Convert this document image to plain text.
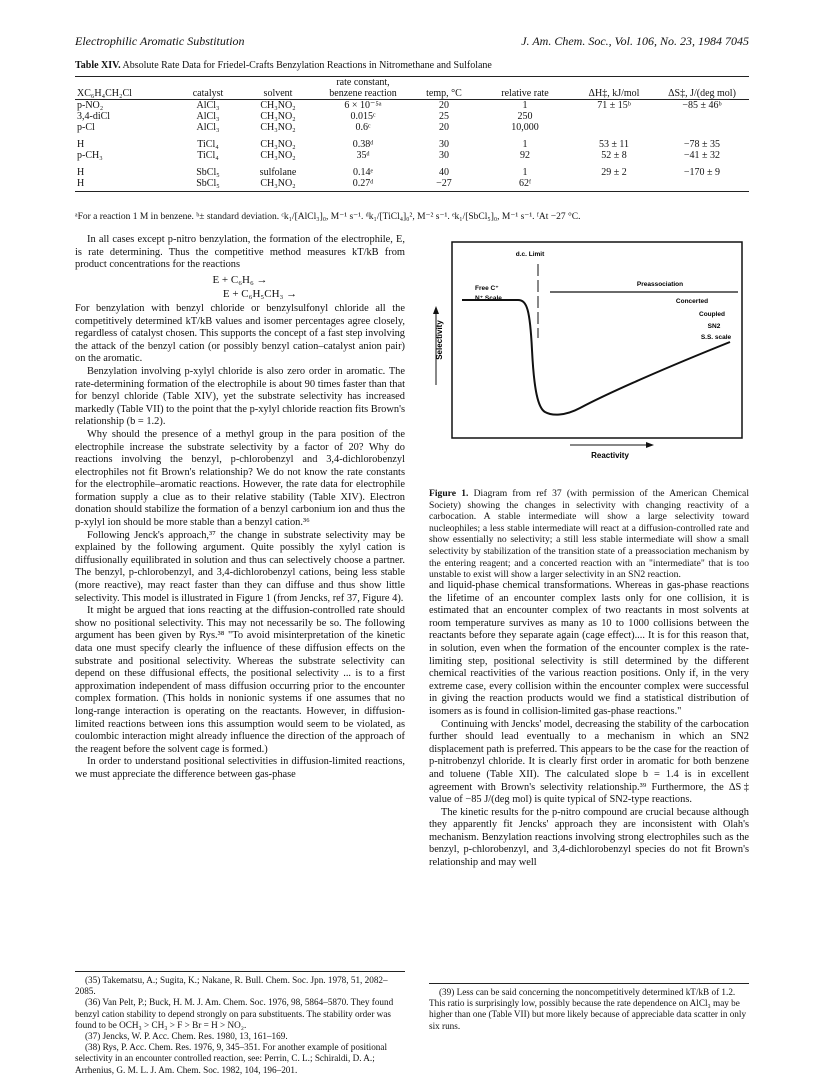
Electrophilic Aromatic Substitution	J. Am. Chem. Soc., Vol. 106, No. 23, 1984 7045
Table XIV. Absolute Rate Data for Friedel-Crafts Benzylation Reactions in Nitromethane and Sulfolane
XC₆H₄CH₂Cl	catalyst	solvent	rate constant,
benzene reaction	temp, °C	relative rate	ΔH‡, kJ/mol	ΔS‡, J/(deg mol)
p-NO₂	AlCl₃	CH₃NO₂	6 × 10⁻⁵ᵃ	20	1	71 ± 15ᵇ	−85 ± 46ᵇ
3,4-diCl	AlCl₃	CH₃NO₂	0.015ᶜ	25	250		
p-Cl	AlCl₃	CH₃NO₂	0.6ᶜ	20	10,000		
H	TiCl₄	CH₃NO₂	0.38ᵈ	30	1	53 ± 11	−78 ± 35
p-CH₃	TiCl₄	CH₃NO₂	35ᵈ	30	92	52 ± 8	−41 ± 32
H	SbCl₅	sulfolane	0.14ᵉ	40	1	29 ± 2	−170 ± 9
H	SbCl₅	CH₃NO₂	0.27ᵈ	−27	62ᶠ		
ᵃFor a reaction 1 M in benzene. ᵇ± standard deviation. ᶜk₁/[AlCl₃]₀, M⁻¹ s⁻¹. ᵈk₁/[TiCl₄]₀², M⁻² s⁻¹. ᵉk₁/[SbCl₅]₀, M⁻¹ s⁻¹. ᶠAt −27 °C.

In all cases except p-nitro benzylation, the formation of the electrophile, E, is rate determining. Thus the competitive method measures kT/kB from product concentrations for the reactions

E + C₆H₆ →
E + C₆H₅CH₃ →

For benzylation with benzyl chloride or benzylsulfonyl chloride all the competitively determined kT/kB values and isomer percentages agree closely, regardless of catalyst chosen. This supports the concept of a fast step involving the attack of the benzyl cation (or possibly benzyl cation–catalyst anion pair) on the aromatic.

Benzylation involving p-xylyl chloride is also zero order in aromatic. The rate-determining formation of the electrophile is about 90 times faster than that for benzyl chloride (Table XIV), yet the substrate selectivity has increased markedly (Table VII) to the point that the p-xylyl chloride reaction fits Brown's relationship (b = 1.2).

Why should the presence of a methyl group in the para position of the electrophile increase the substrate selectivity by a factor of 20? Why do reactions involving the benzyl, p-chlorobenzyl and 3,4-dichlorobenzyl electrophiles not fit Brown's relationship? We do not know the rate constants for the electrophile–aromatic reactions. However, the rate data for electrophile formation supply a clue as to their relative stability (Table XIV). Electron donation should stabilize the formation of a benzyl carbonium ion and thus the p-xylyl ion should be more stable than a benzyl cation.³⁶

Following Jenck's approach,³⁷ the change in substrate selectivity may be explained by the following argument. Quite possibly the xylyl cation is diffusionally equilibrated in solution and thus can selectively choose a partner. The benzyl, p-chlorobenzyl, and 3,4-dichlorobenzyl cations, being less stable (more reactive), may react faster than they can diffuse and thus show little selectivity. This model is illustrated in Figure 1 (from Jencks, ref 37, Figure 4).

It might be argued that ions reacting at the diffusion-controlled rate should show no positional selectivity. This may not necessarily be so. The following argument has been given by Rys.³⁸ "To avoid misinterpretation of the kinetic data one must specify clearly the influence of these diffusion effects on the substrate and positional selectivity. Whereas the substrate selectivity can depend on these diffusional effects, the positional selectivity ... is to a first approximation independent of mass diffusion occurring prior to the encounter complex formation. (This holds in nonionic systems if one assumes that no long-range interaction is operating on the reactants. However, in diffusion-limited reactions between ions this assumption would seem to be violated, as coulombic interaction might already influence the direction of the approach of the reagent before the solvent cage is formed.)

In order to understand positional selectivities in diffusion-limited reactions, we must appreciate the difference between gas-phase

(35) Takematsu, A.; Sugita, K.; Nakane, R. Bull. Chem. Soc. Jpn. 1978, 51, 2082–2085.

(36) Van Pelt, P.; Buck, H. M. J. Am. Chem. Soc. 1976, 98, 5864–5870. They found benzyl cation stability to depend strongly on para substituents. The stability order was found to be OCH₃ > CH₃ > F > Br = H > NO₂.

(37) Jencks, W. P. Acc. Chem. Res. 1980, 13, 161–169.

(38) Rys, P. Acc. Chem. Res. 1976, 9, 345–351. For another example of positional selectivity in an encounter controlled reaction, see: Perrin, C. L.; Schiraldi, D. A.; Arrhenius, G. M. L. J. Am. Chem. Soc. 1982, 104, 196–201.

d.c. Limit
Free C⁺
N⁺ Scale
Preassociation
Concerted
Coupled
SN2
S.S. scale
Selectivity
Reactivity
Figure 1. Diagram from ref 37 (with permission of the American Chemical Society) showing the changes in selectivity with changing reactivity of a carbocation. A stable intermediate will show a large selectivity toward nucleophiles; a less stable intermediate will react at a diffusion-controlled rate and show essentially no selectivity; a still less stable intermediate will show a small selectivity by stabilization of the transition state of a preassociation mechanism by the entering reagent; and a concerted reaction with an "intermediate" that is too unstable to exist will show a larger selectivity in an SN2 reaction.

and liquid-phase chemical transformations. Whereas in gas-phase reactions the lifetime of an encounter complex lasts only for one collision, it is estimated that an encounter complex of two reactants in most solvents at room temperature survives as many as 10 to 1000 collisions between the reactants before they separate again (cage effect).... It is for this reason that, in solution, even when the formation of the encounter complex is the rate-limiting step, positional selectivity is still determined by the different chemical reactivities of the various reaction positions. Only if, in the very extreme case, every collision within the encounter complex were successful in giving the reaction products would we find a statistical distribution of isomers as is found in collision-limited gas-phase reactions."

Continuing with Jencks' model, decreasing the stability of the carbocation further should lead eventually to a mechanism in which an SN2 displacement path is preferred. This appears to be the case for the reaction of p-nitrobenzyl chloride. It is clearly first order in aromatic for both benzene and toluene (Table XII). The calculated slope b = 1.4 is in excellent agreement with Brown's selectivity relationship.³⁹ Furthermore, the ΔS‡ value of −85 J/(deg mol) is quite typical of SN2-type reactions.

The kinetic results for the p-nitro compound are crucial because although they apparently fit Jencks' approach they are inconsistent with Olah's mechanism. Benzylation reactions involving strong electrophiles such as the benzyl, p-chlorobenzyl, and 3,4-dichlorobenzyl species do not fit Brown's relationship and may well

(39) Less can be said concerning the noncompetitively determined kT/kB of 1.2. This ratio is surprisingly low, possibly because the rate dependence on AlCl₃ may be higher than one (Table VII) but more likely because of appreciable data scatter in only six runs.
